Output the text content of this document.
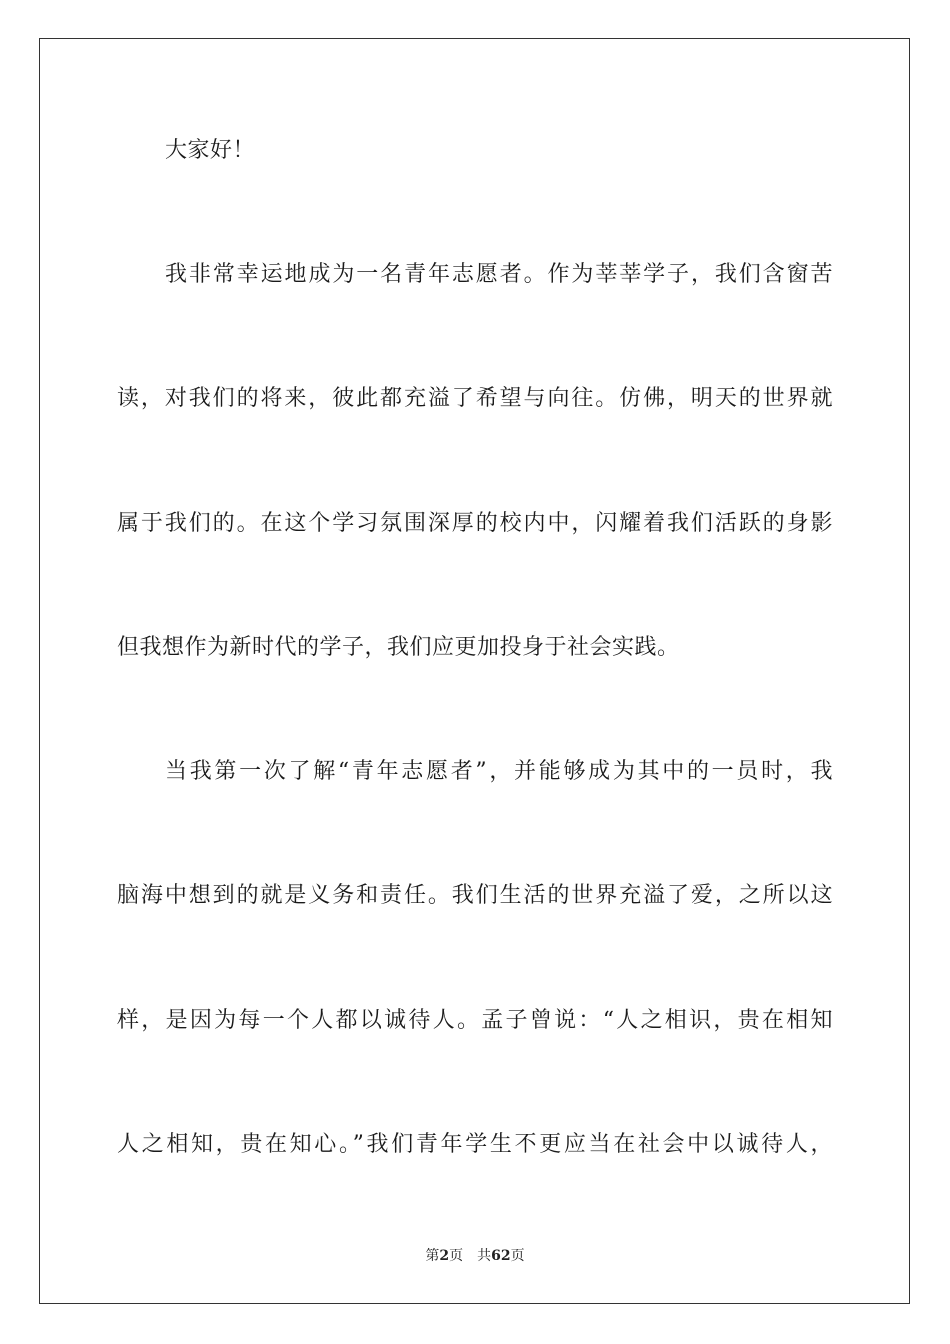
大家好！
我非常幸运地成为一名青年志愿者。作为莘莘学子，我们含窗苦
读，对我们的将来，彼此都充溢了希望与向往。仿佛，明天的世界就
属于我们的。在这个学习氛围深厚的校内中，闪耀着我们活跃的身影
但我想作为新时代的学子，我们应更加投身于社会实践。
当我第一次了解“青年志愿者”，并能够成为其中的一员时，我
脑海中想到的就是义务和责任。我们生活的世界充溢了爱，之所以这
样，是因为每一个人都以诚待人。孟子曾说：“人之相识，贵在相知
人之相知，贵在知心。”我们青年学生不更应当在社会中以诚待人，
第2页 共62页
